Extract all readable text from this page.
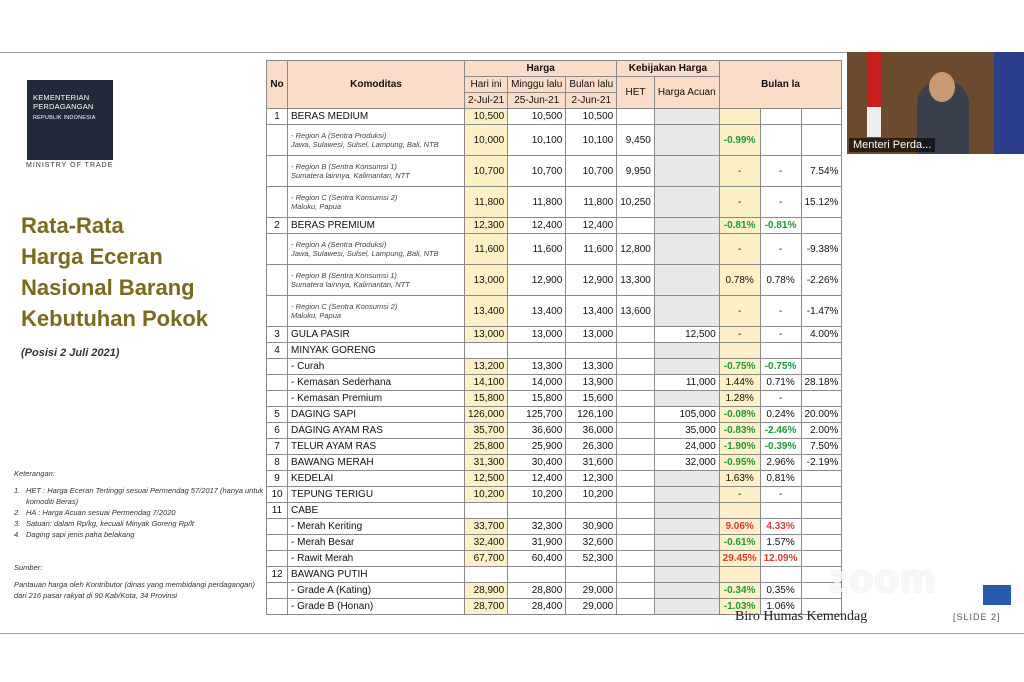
KEMENTERIAN
PERDAGANGAN
REPUBLIK INDONESIA
MINISTRY OF TRADE
Rata-Rata
Harga Eceran
Nasional Barang
Kebutuhan Pokok
(Posisi 2 Juli 2021)
Keterangan:
1. HET : Harga Eceran Tertinggi sesuai Permendag 57/2017 (hanya untuk komoditi Beras)
2. HA : Harga Acuan sesuai Permendag 7/2020
3. Satuan: dalam Rp/kg, kecuali Minyak Goreng Rp/lt
4. Daging sapi jenis paha belakang
Sumber:
Pantauan harga oleh Kontributor (dinas yang membidangi perdagangan) dari 216 pasar rakyat di 90 Kab/Kota, 34 Provinsi
No	Komoditas	Harga			Kebijakan Harga		Bulan la		
		Hari ini	Minggu lalu	Bulan lalu	HET	Harga Acuan			
		2-Jul-21	25-Jun-21	2-Jun-21					
1	BERAS MEDIUM	10,500	10,500	10,500					
	- Region A (Sentra Produksi)
Jawa, Sulawesi, Sulsel, Lampung, Bali, NTB	10,000	10,100	10,100	9,450		-0.99%		
	- Region B (Sentra Konsumsi 1)
Sumatera lainnya, Kalimantan, NTT	10,700	10,700	10,700	9,950		-	-	7.54%
	- Region C (Sentra Konsumsi 2)
Maluku, Papua	11,800	11,800	11,800	10,250		-	-	15.12%
2	BERAS PREMIUM	12,300	12,400	12,400			-0.81%	-0.81%	
	- Region A (Sentra Produksi)
Jawa, Sulawesi, Sulsel, Lampung, Bali, NTB	11,600	11,600	11,600	12,800		-	-	-9.38%
	- Region B (Sentra Konsumsi 1)
Sumatera lainnya, Kalimantan, NTT	13,000	12,900	12,900	13,300		0.78%	0.78%	-2.26%
	- Region C (Sentra Konsumsi 2)
Maluku, Papua	13,400	13,400	13,400	13,600		-	-	-1.47%
3	GULA PASIR	13,000	13,000	13,000		12,500	-	-	4.00%
4	MINYAK GORENG								
	- Curah	13,200	13,300	13,300			-0.75%	-0.75%	
	- Kemasan Sederhana	14,100	14,000	13,900		11,000	1.44%	0.71%	28.18%
	- Kemasan Premium	15,800	15,800	15,600			1.28%	-	
5	DAGING SAPI	126,000	125,700	126,100		105,000	-0.08%	0.24%	20.00%
6	DAGING AYAM RAS	35,700	36,600	36,000		35,000	-0.83%	-2.46%	2.00%
7	TELUR AYAM RAS	25,800	25,900	26,300		24,000	-1.90%	-0.39%	7.50%
8	BAWANG MERAH	31,300	30,400	31,600		32,000	-0.95%	2.96%	-2.19%
9	KEDELAI	12,500	12,400	12,300			1.63%	0.81%	
10	TEPUNG TERIGU	10,200	10,200	10,200			-	-	
11	CABE								
	- Merah Keriting	33,700	32,300	30,900			9.06%	4.33%	
	- Merah Besar	32,400	31,900	32,600			-0.61%	1.57%	
	- Rawit Merah	67,700	60,400	52,300			29.45%	12.09%	
12	BAWANG PUTIH								
	- Grade A (Kating)	28,900	28,800	29,000			-0.34%	0.35%	
	- Grade B (Honan)	28,700	28,400	29,000			-1.03%	1.06%	
Menteri Perda...
zoom
Biro Humas Kemendag	[SLIDE 2]
